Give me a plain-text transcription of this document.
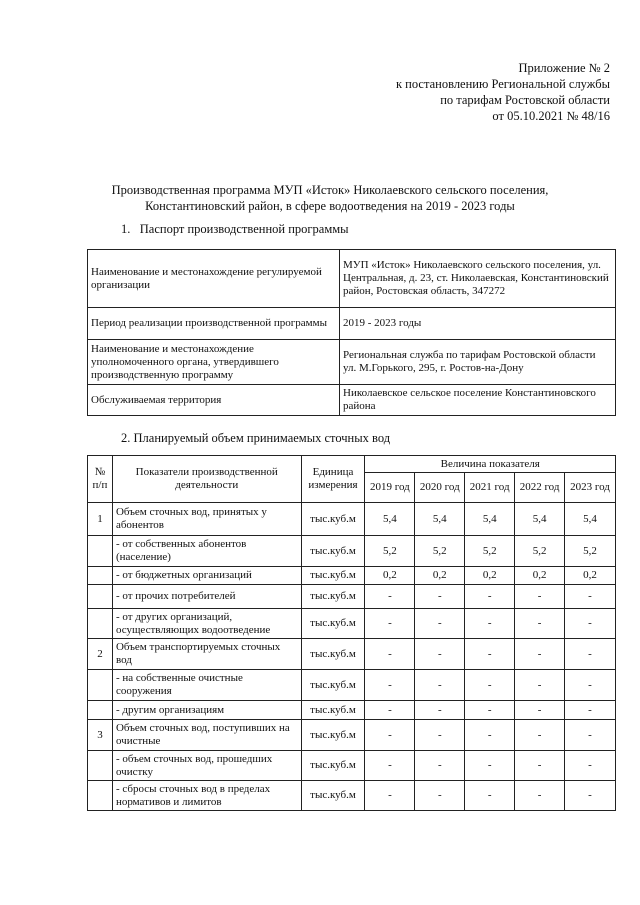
Приложение № 2
к постановлению Региональной службы
по тарифам Ростовской области
от 05.10.2021 № 48/16
Производственная программа МУП «Исток» Николаевского сельского поселения,
Константиновский район, в сфере водоотведения на 2019 - 2023 годы
1. Паспорт производственной программы
Наименование и местонахождение регулируемой организации	МУП «Исток» Николаевского сельского поселения, ул. Центральная, д. 23, ст. Николаевская, Константиновский район, Ростовская область, 347272
Период реализации производственной программы	2019 - 2023 годы
Наименование и местонахождение уполномоченного органа, утвердившего производственную программу	Региональная служба по тарифам Ростовской области
ул. М.Горького, 295, г. Ростов-на-Дону

Обслуживаемая территория	Николаевское сельское поселение Константиновского района
2. Планируемый объем принимаемых сточных вод
№ п/п	Показатели производственной деятельности	Единица измерения	Величина показателя				
			2019 год	2020 год	2021 год	2022 год	2023 год
1	Объем сточных вод, принятых у абонентов	тыс.куб.м	5,4	5,4	5,4	5,4	5,4
	- от собственных абонентов (население)	тыс.куб.м	5,2	5,2	5,2	5,2	5,2
	- от бюджетных организаций	тыс.куб.м	0,2	0,2	0,2	0,2	0,2
	- от прочих потребителей	тыс.куб.м	-	-	-	-	-
	- от других организаций, осуществляющих водоотведение	тыс.куб.м	-	-	-	-	-
2	Объем транспортируемых сточных вод	тыс.куб.м	-	-	-	-	-
	- на собственные очистные сооружения	тыс.куб.м	-	-	-	-	-
	- другим организациям	тыс.куб.м	-	-	-	-	-
3	Объем сточных вод, поступивших на очистные	тыс.куб.м	-	-	-	-	-
	- объем сточных вод, прошедших очистку	тыс.куб.м	-	-	-	-	-
	- сбросы сточных вод в пределах нормативов и лимитов	тыс.куб.м	-	-	-	-	-
